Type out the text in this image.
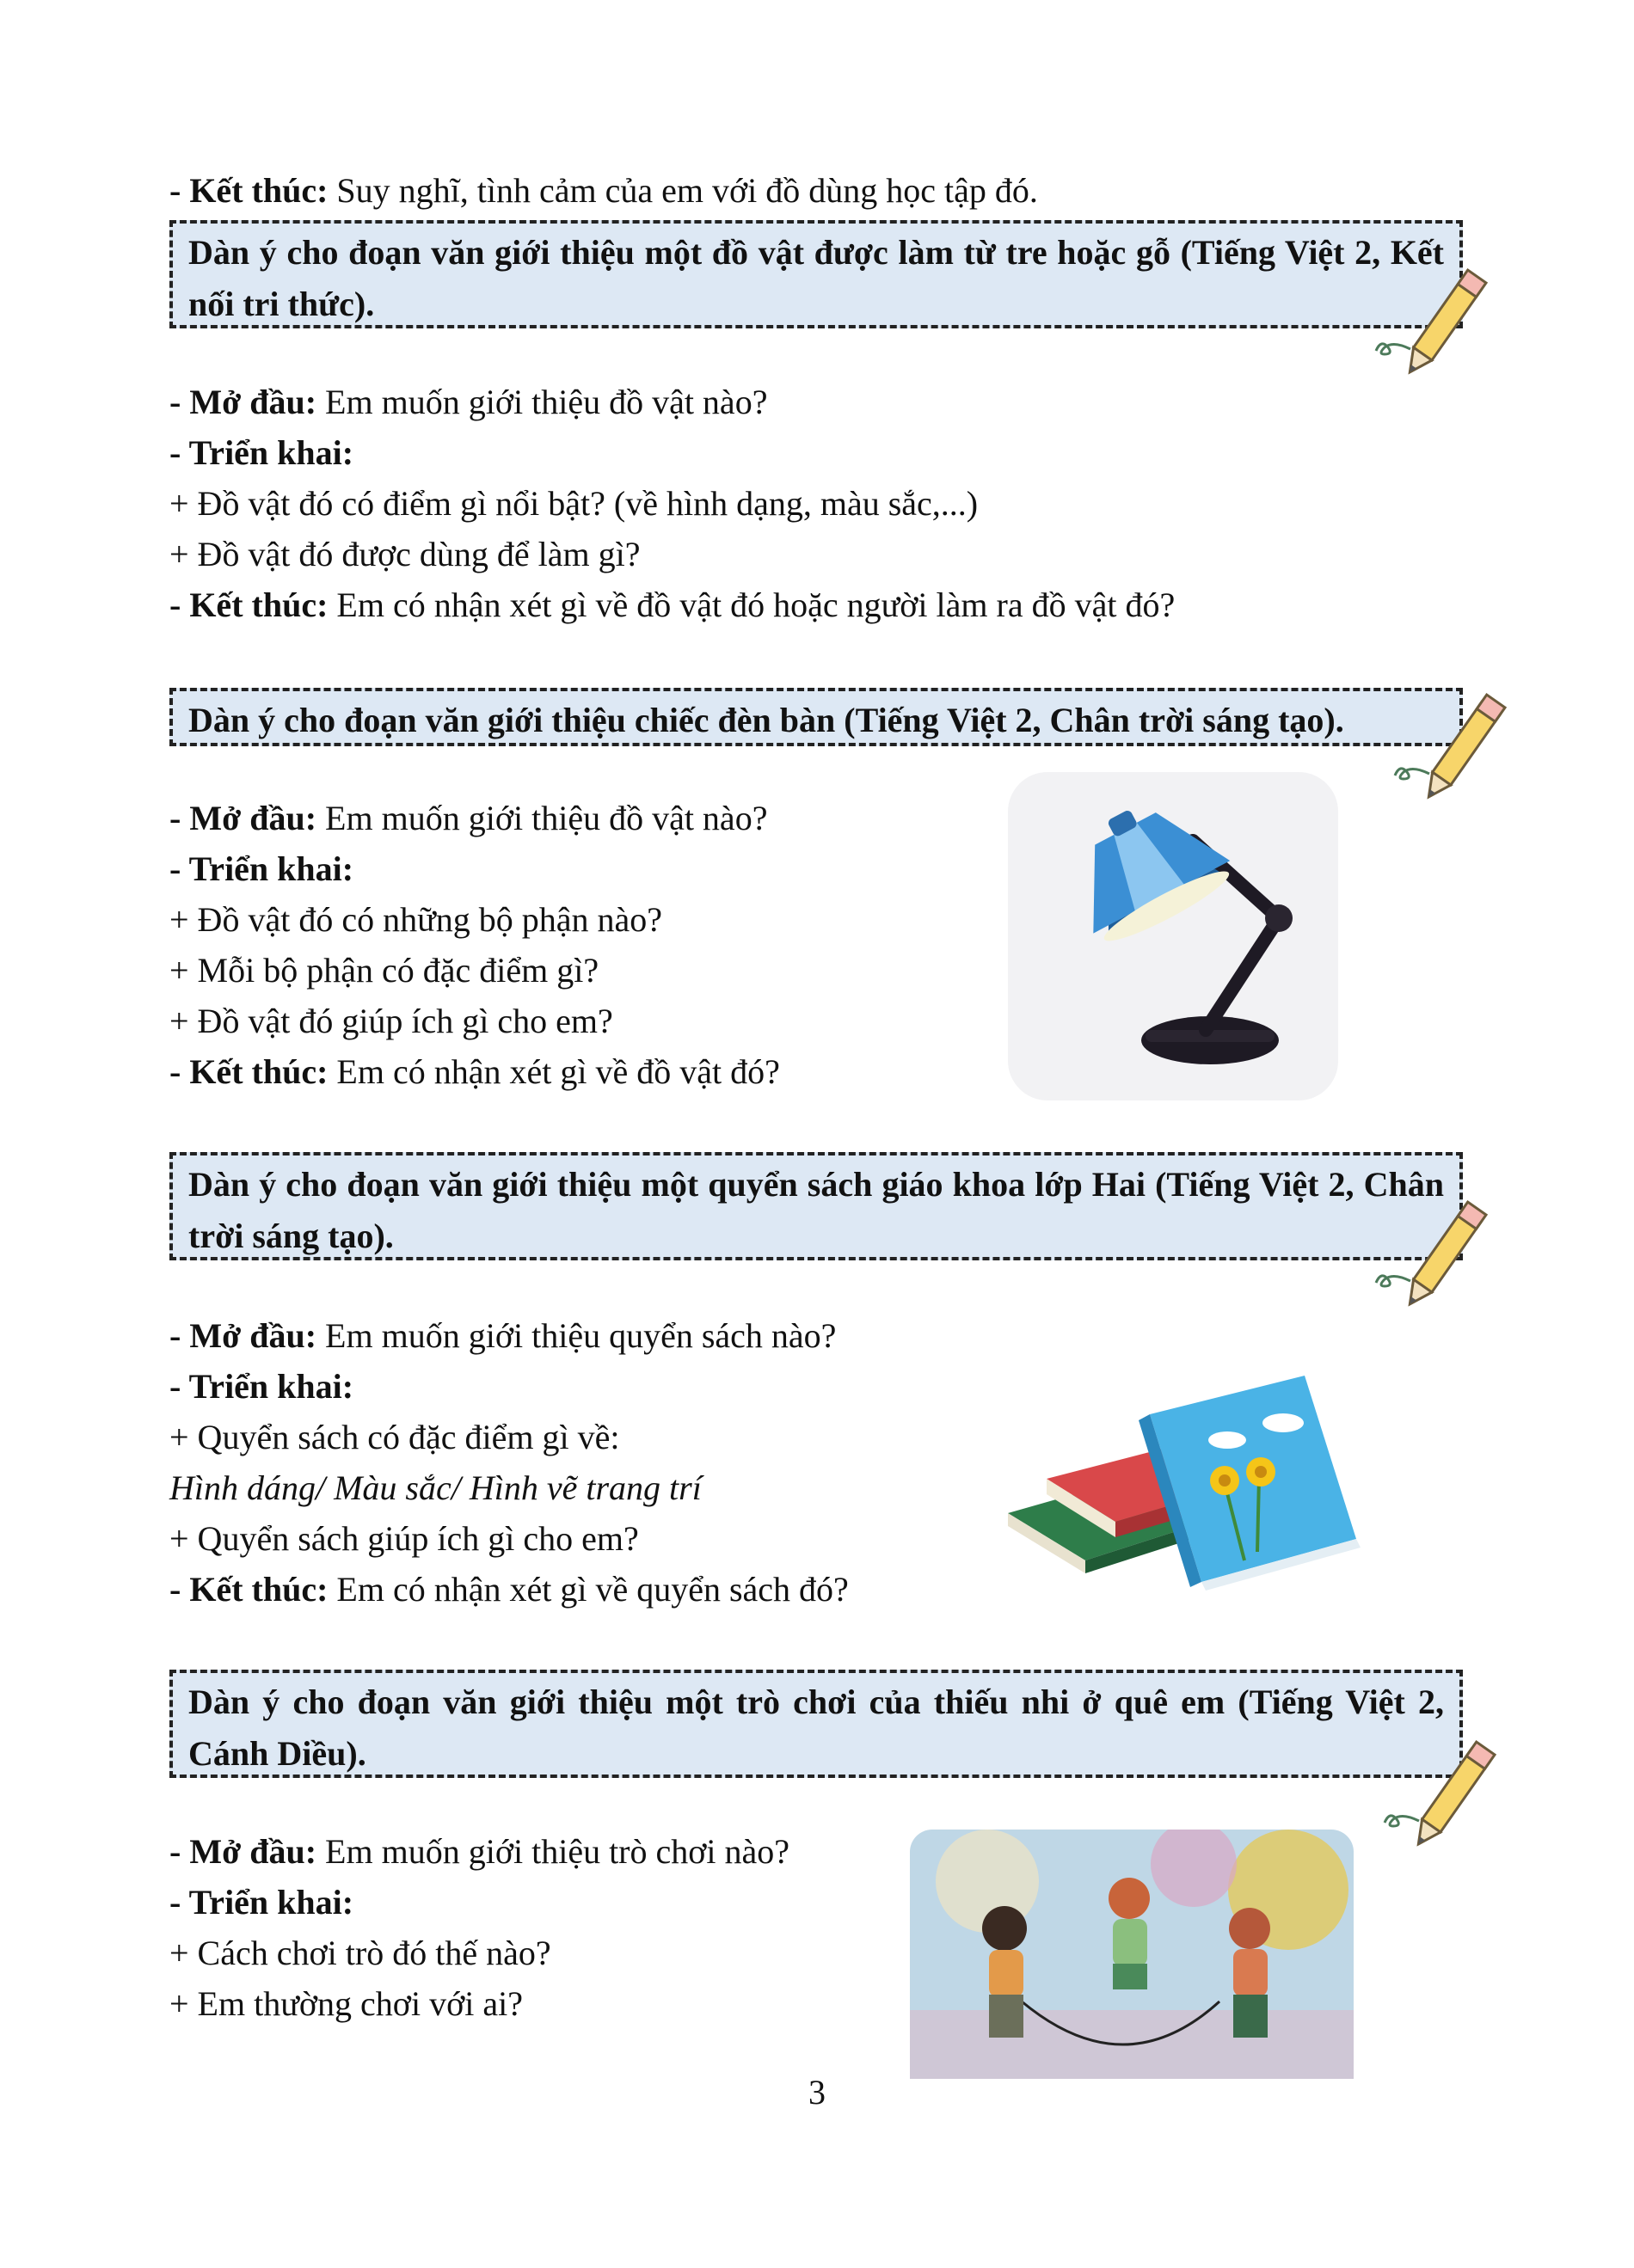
- Kết thúc: Suy nghĩ, tình cảm của em với đồ dùng học tập đó.
Dàn ý cho đoạn văn giới thiệu một đồ vật được làm từ tre hoặc gỗ (Tiếng Việt 2, Kết nối tri thức).
- Mở đầu: Em muốn giới thiệu đồ vật nào?
- Triển khai:
+ Đồ vật đó có điểm gì nổi bật? (về hình dạng, màu sắc,...)
+ Đồ vật đó được dùng để làm gì?
- Kết thúc: Em có nhận xét gì về đồ vật đó hoặc người làm ra đồ vật đó?
Dàn ý cho đoạn văn giới thiệu chiếc đèn bàn (Tiếng Việt 2, Chân trời sáng tạo).
- Mở đầu: Em muốn giới thiệu đồ vật nào?
- Triển khai:
+ Đồ vật đó có những bộ phận nào?
+ Mỗi bộ phận có đặc điểm gì?
+ Đồ vật đó giúp ích gì cho em?
- Kết thúc: Em có nhận xét gì về đồ vật đó?
Dàn ý cho đoạn văn giới thiệu một quyển sách giáo khoa lớp Hai (Tiếng Việt 2, Chân trời sáng tạo).
- Mở đầu: Em muốn giới thiệu quyển sách nào?
- Triển khai:
+ Quyển sách có đặc điểm gì về:
Hình dáng/ Màu sắc/ Hình vẽ trang trí
+ Quyển sách giúp ích gì cho em?
- Kết thúc: Em có nhận xét gì về quyển sách đó?
Dàn ý cho đoạn văn giới thiệu một trò chơi của thiếu nhi ở quê em (Tiếng Việt 2, Cánh Diều).
- Mở đầu: Em muốn giới thiệu trò chơi nào?
- Triển khai:
+ Cách chơi trò đó thế nào?
+ Em thường chơi với ai?
3
